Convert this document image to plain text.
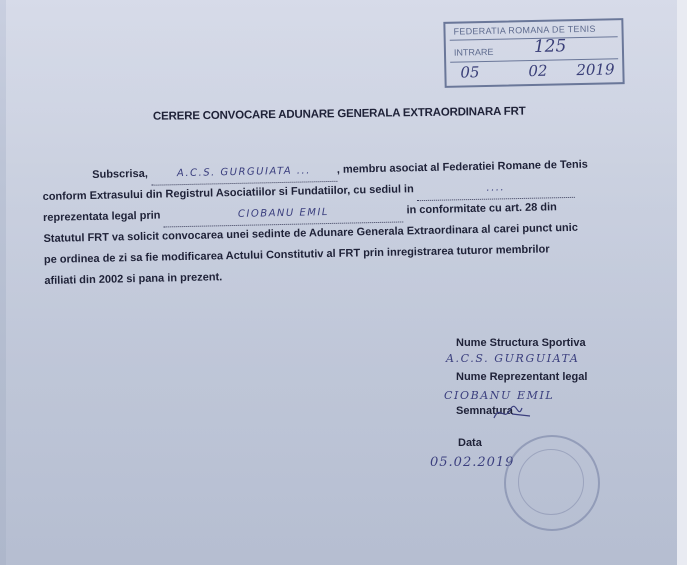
FEDERATIA ROMANA DE TENIS
INTRARE 125
05	02 2019
CERERE CONVOCARE ADUNARE GENERALA EXTRAORDINARA FRT
Subscrisa,	A.C.S. GURGUIATA ... , membru asociat al Federatiei Romane de Tenis
conform Extrasului din Registrul Asociatiilor si Fundatiilor, cu sediul in	....
reprezentata legal prin	CIOBANU EMIL	in conformitate cu art. 28 din
Statutul FRT va solicit convocarea unei sedinte de Adunare Generala Extraordinara al carei punct unic
pe ordinea de zi sa fie modificarea Actului Constitutiv al FRT prin inregistrarea tuturor membrilor
afiliati din 2002 si pana in prezent.
Nume Structura Sportiva
A.C.S. GURGUIATA
Nume Reprezentant legal
CIOBANU EMIL
Semnatura
Data
05.02.2019
